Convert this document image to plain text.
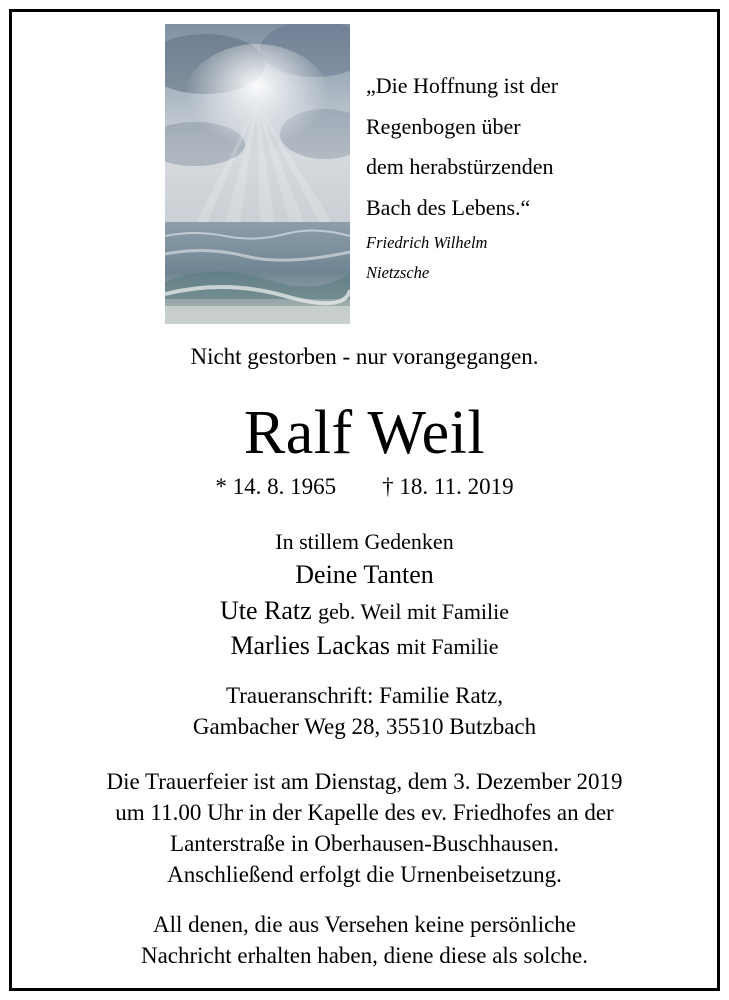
„Die Hoffnung ist der
Regenbogen über
dem herabstürzenden
Bach des Lebens.“
Friedrich Wilhelm
Nietzsche
Nicht gestorben - nur vorangegangen.
Ralf Weil
* 14. 8. 1965 † 18. 11. 2019
In stillem Gedenken
Deine Tanten
Ute Ratz geb. Weil mit Familie
Marlies Lackas mit Familie
Traueranschrift: Familie Ratz,
Gambacher Weg 28, 35510 Butzbach
Die Trauerfeier ist am Dienstag, dem 3. Dezember 2019
um 11.00 Uhr in der Kapelle des ev. Friedhofes an der
Lanterstraße in Oberhausen-Buschhausen.
Anschließend erfolgt die Urnenbeisetzung.
All denen, die aus Versehen keine persönliche
Nachricht erhalten haben, diene diese als solche.
